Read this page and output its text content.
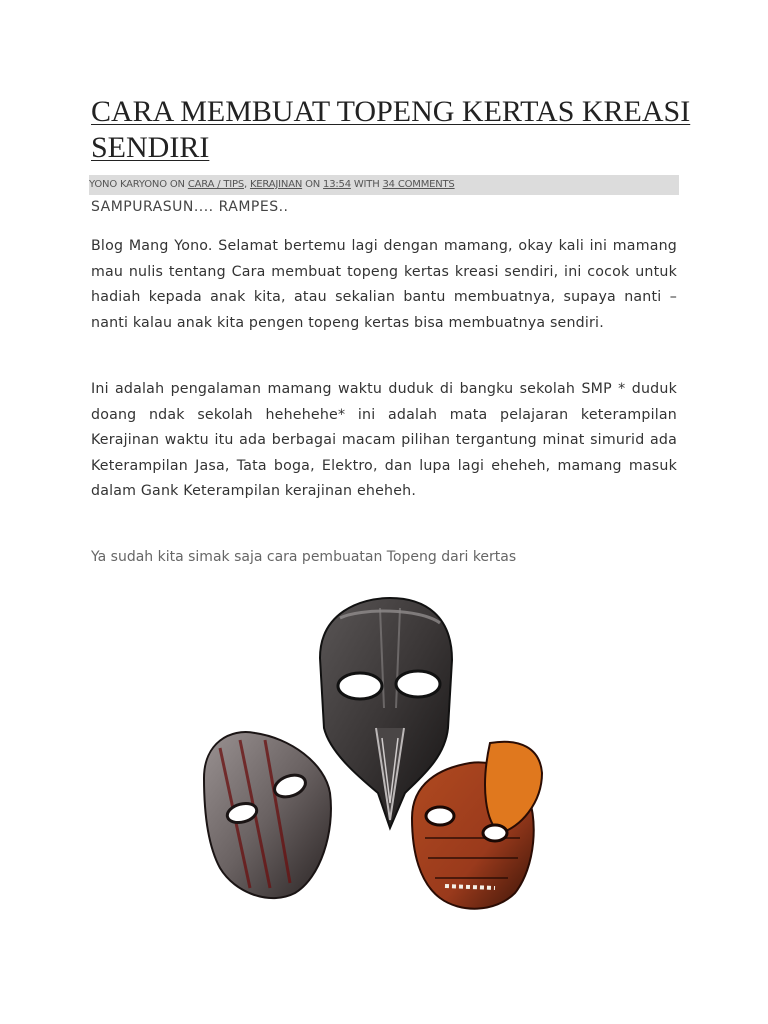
CARA MEMBUAT TOPENG KERTAS KREASI SENDIRI
YONO KARYONO ON CARA / TIPS, KERAJINAN ON 13:54 WITH 34 COMMENTS

SAMPURASUN.... RAMPES..

Blog Mang Yono. Selamat bertemu lagi dengan mamang, okay kali ini mamang mau nulis tentang Cara membuat topeng kertas kreasi sendiri, ini cocok untuk hadiah kepada anak kita, atau sekalian bantu membuatnya, supaya nanti – nanti kalau anak kita pengen topeng kertas bisa membuatnya sendiri.

Ini adalah pengalaman mamang waktu duduk di bangku sekolah SMP * duduk doang ndak sekolah hehehehe* ini adalah mata pelajaran keterampilan Kerajinan waktu itu ada berbagai macam pilihan tergantung minat simurid ada Keterampilan Jasa, Tata boga, Elektro, dan lupa lagi eheheh, mamang masuk dalam Gank Keterampilan kerajinan eheheh.

Ya sudah kita simak saja cara pembuatan Topeng dari kertas
